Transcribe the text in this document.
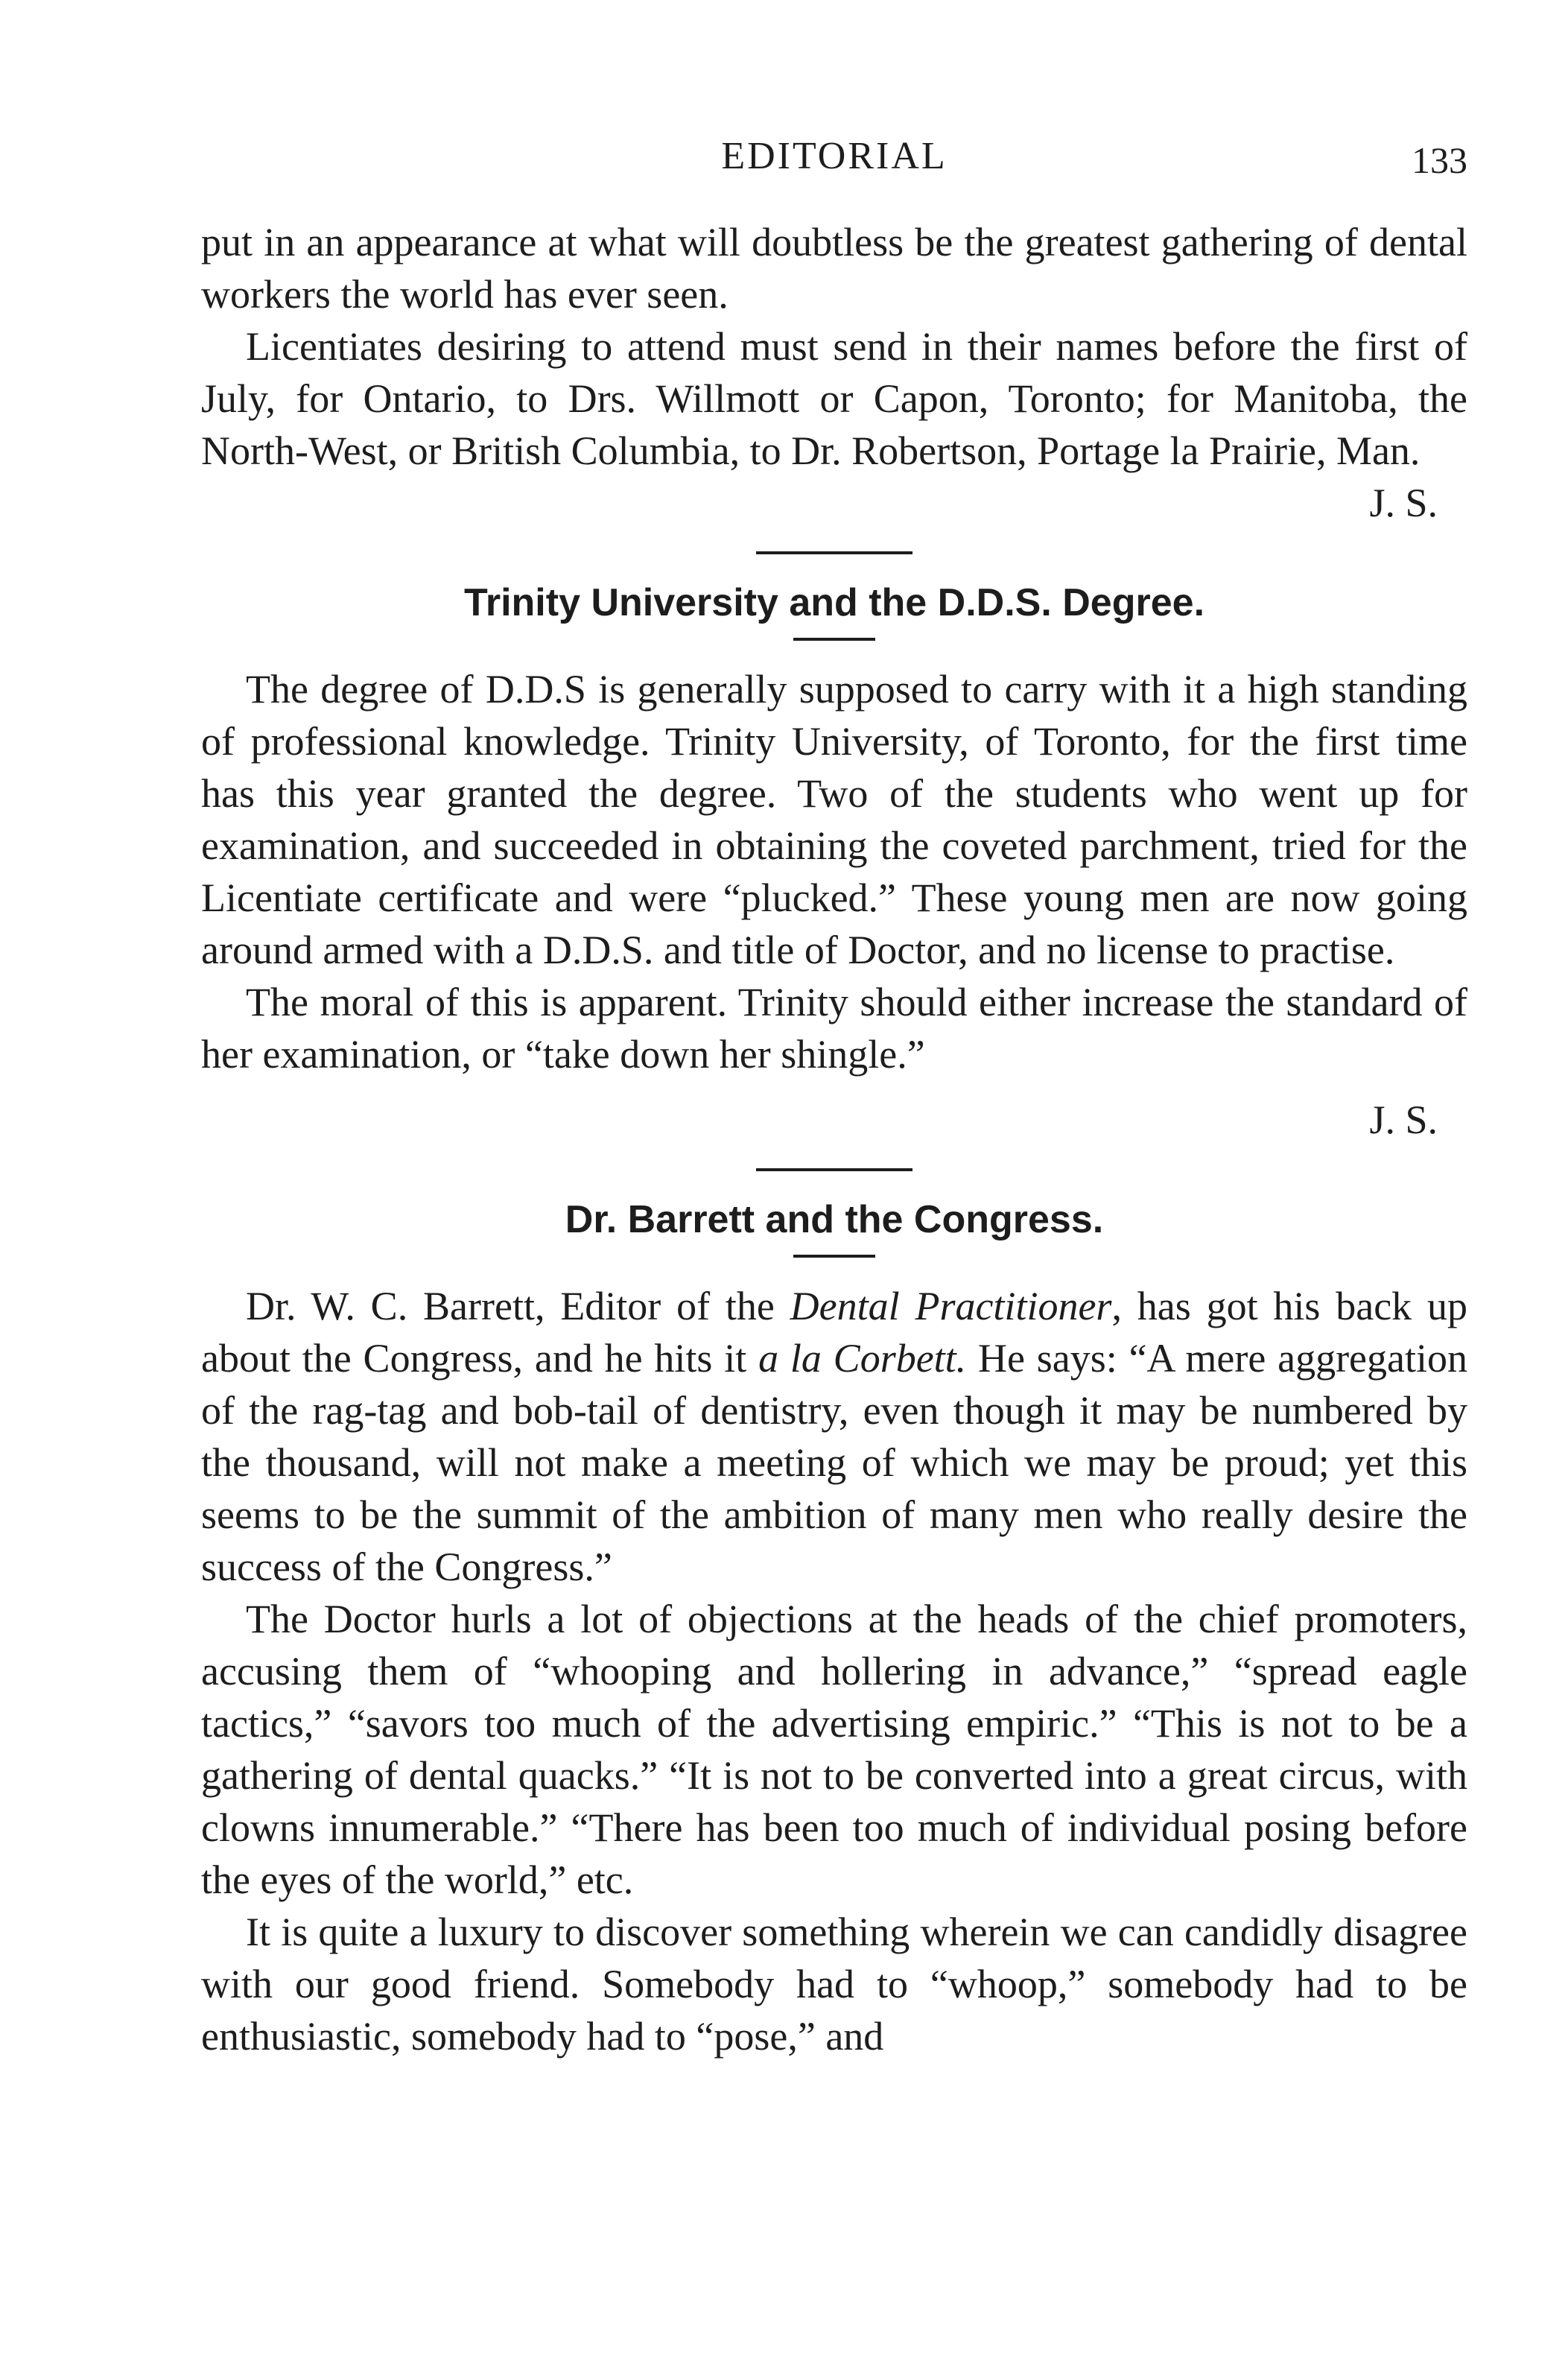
EDITORIAL	133

put in an appearance at what will doubtless be the greatest gathering of dental workers the world has ever seen.

Licentiates desiring to attend must send in their names before the first of July, for Ontario, to Drs. Willmott or Capon, Toronto; for Manitoba, the North-West, or British Columbia, to Dr. Robertson, Portage la Prairie, Man.
J. S.

Trinity University and the D.D.S. Degree.

The degree of D.D.S is generally supposed to carry with it a high standing of professional knowledge. Trinity University, of Toronto, for the first time has this year granted the degree. Two of the students who went up for examination, and succeeded in obtaining the coveted parchment, tried for the Licentiate certificate and were “plucked.” These young men are now going around armed with a D.D.S. and title of Doctor, and no license to practise.

The moral of this is apparent. Trinity should either increase the standard of her examination, or “take down her shingle.”

J. S.
Dr. Barrett and the Congress.

Dr. W. C. Barrett, Editor of the Dental Practitioner, has got his back up about the Congress, and he hits it a la Corbett. He says: “A mere aggregation of the rag-tag and bob-tail of dentistry, even though it may be numbered by the thousand, will not make a meeting of which we may be proud; yet this seems to be the summit of the ambition of many men who really desire the success of the Congress.”

The Doctor hurls a lot of objections at the heads of the chief promoters, accusing them of “whooping and hollering in advance,” “spread eagle tactics,” “savors too much of the advertising empiric.” “This is not to be a gathering of dental quacks.” “It is not to be converted into a great circus, with clowns innumerable.” “There has been too much of individual posing before the eyes of the world,” etc.

It is quite a luxury to discover something wherein we can candidly disagree with our good friend. Somebody had to “whoop,” somebody had to be enthusiastic, somebody had to “pose,” and
